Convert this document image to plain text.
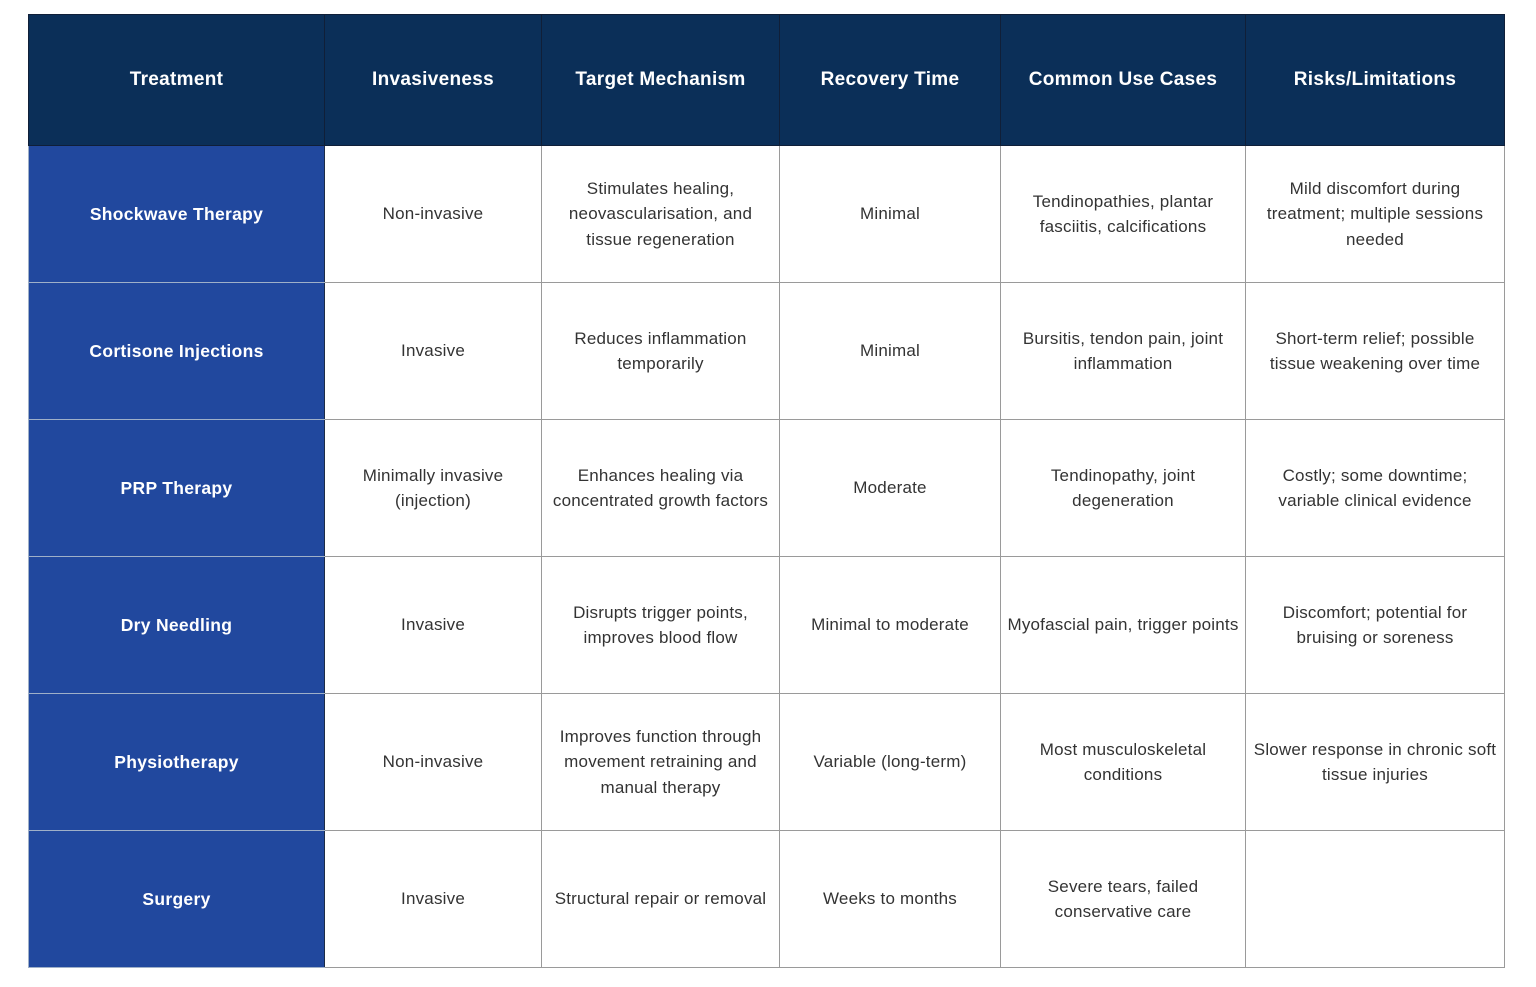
Treatment	Invasiveness	Target Mechanism	Recovery Time	Common Use Cases	Risks/Limitations
Shockwave Therapy	Non-invasive	Stimulates healing, neovascularisation, and tissue regeneration	Minimal	Tendinopathies, plantar fasciitis, calcifications	Mild discomfort during treatment; multiple sessions needed
Cortisone Injections	Invasive	Reduces inflammation temporarily	Minimal	Bursitis, tendon pain, joint inflammation	Short-term relief; possible tissue weakening over time
PRP Therapy	Minimally invasive (injection)	Enhances healing via concentrated growth factors	Moderate	Tendinopathy, joint degeneration	Costly; some downtime; variable clinical evidence
Dry Needling	Invasive	Disrupts trigger points, improves blood flow	Minimal to moderate	Myofascial pain, trigger points	Discomfort; potential for bruising or soreness
Physiotherapy	Non-invasive	Improves function through movement retraining and manual therapy	Variable (long-term)	Most musculoskeletal conditions	Slower response in chronic soft tissue injuries
Surgery	Invasive	Structural repair or removal	Weeks to months	Severe tears, failed conservative care	
